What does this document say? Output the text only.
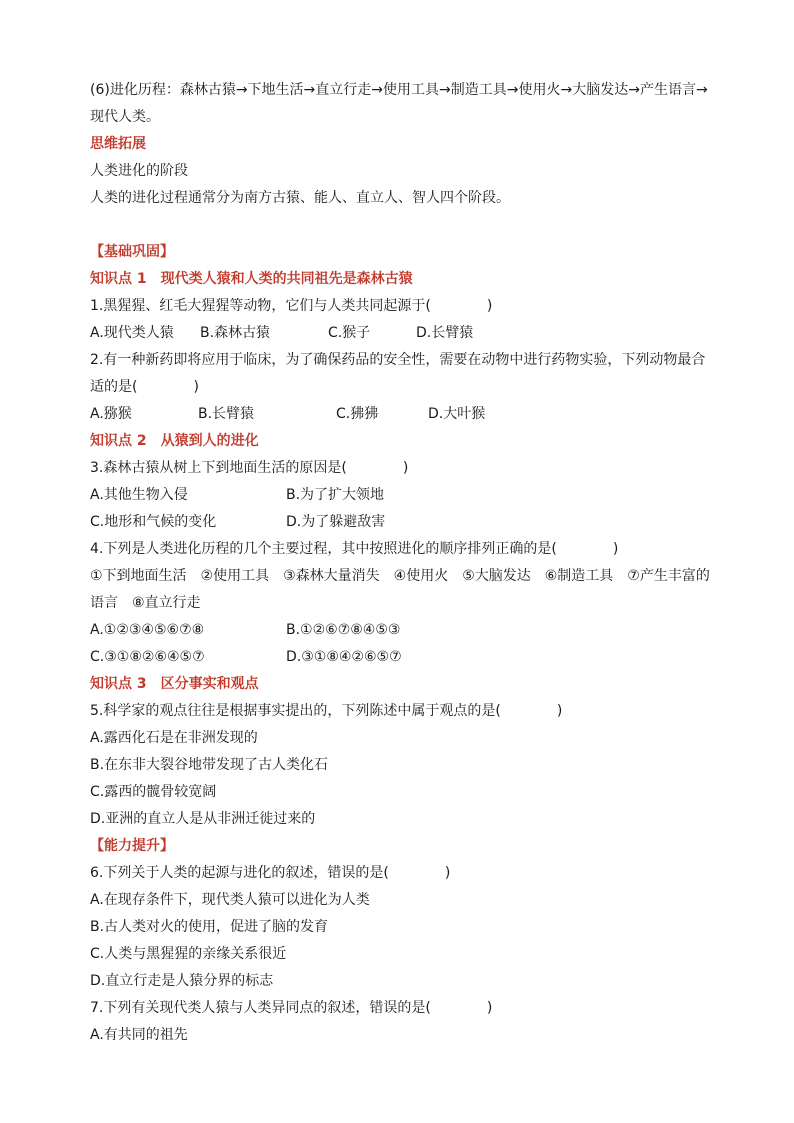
(6)进化历程：森林古猿→下地生活→直立行走→使用工具→制造工具→使用火→大脑发达→产生语言→现代人类。
思维拓展
人类进化的阶段
人类的进化过程通常分为南方古猿、能人、直立人、智人四个阶段。
【基础巩固】
知识点 1　现代类人猿和人类的共同祖先是森林古猿
1.黑猩猩、红毛大猩猩等动物，它们与人类共同起源于(　　　　)
A.现代类人猿	B.森林古猿	C.猴子	D.长臂猿
2.有一种新药即将应用于临床，为了确保药品的安全性，需要在动物中进行药物实验，下列动物最合适的是(　　　　)
A.猕猴	B.长臂猿	C.狒狒	D.大叶猴
知识点 2　从猿到人的进化
3.森林古猿从树上下到地面生活的原因是(　　　　)
A.其他生物入侵	B.为了扩大领地
C.地形和气候的变化	D.为了躲避敌害
4.下列是人类进化历程的几个主要过程，其中按照进化的顺序排列正确的是(　　　　)
①下到地面生活　②使用工具　③森林大量消失　④使用火　⑤大脑发达　⑥制造工具　⑦产生丰富的语言　⑧直立行走
A.①②③④⑤⑥⑦⑧	B.①②⑥⑦⑧④⑤③
C.③①⑧②⑥④⑤⑦	D.③①⑧④②⑥⑤⑦
知识点 3　区分事实和观点
5.科学家的观点往往是根据事实提出的，下列陈述中属于观点的是(　　　　)
A.露西化石是在非洲发现的
B.在东非大裂谷地带发现了古人类化石
C.露西的髋骨较宽阔
D.亚洲的直立人是从非洲迁徙过来的
【能力提升】
6.下列关于人类的起源与进化的叙述，错误的是(　　　　)
A.在现存条件下，现代类人猿可以进化为人类
B.古人类对火的使用，促进了脑的发育
C.人类与黑猩猩的亲缘关系很近
D.直立行走是人猿分界的标志
7.下列有关现代类人猿与人类异同点的叙述，错误的是(　　　　)
A.有共同的祖先
